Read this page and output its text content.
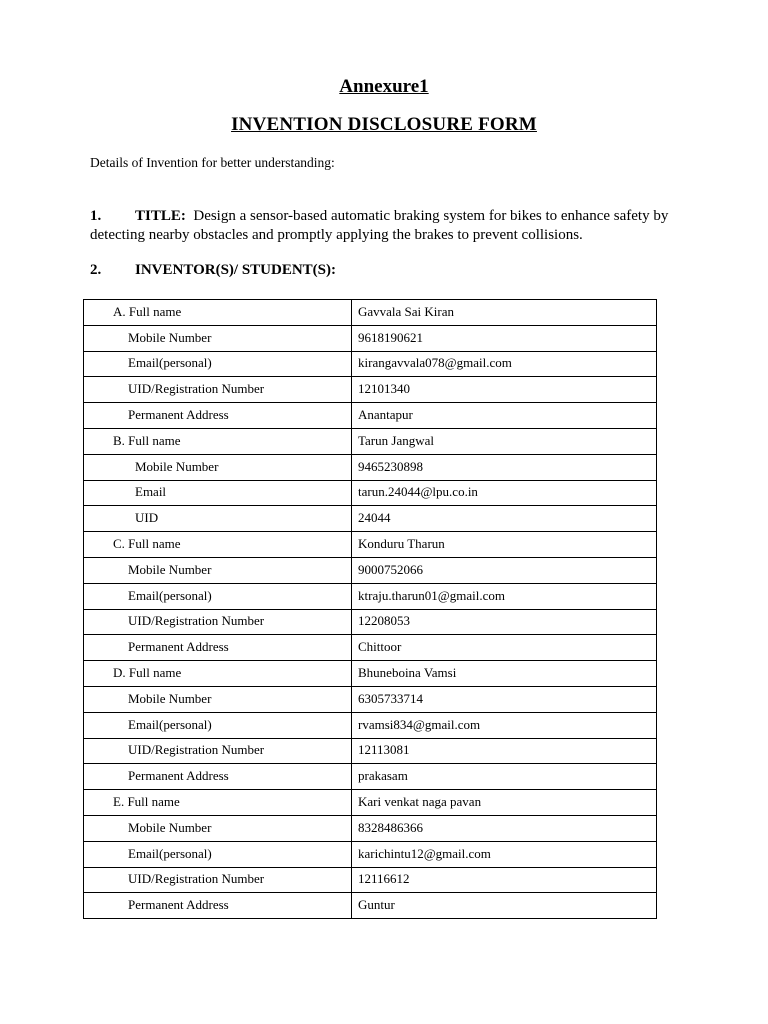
Annexure1
INVENTION DISCLOSURE FORM
Details of Invention for better understanding:
1. TITLE: Design a sensor-based automatic braking system for bikes to enhance safety by detecting nearby obstacles and promptly applying the brakes to prevent collisions.
2. INVENTOR(S)/ STUDENT(S):
A. Full name	Gavvala Sai Kiran
Mobile Number	9618190621
Email(personal)	kirangavvala078@gmail.com
UID/Registration Number	12101340
Permanent Address	Anantapur
B. Full name	Tarun Jangwal
Mobile Number	9465230898
Email	tarun.24044@lpu.co.in
UID	24044
C. Full name	Konduru Tharun
Mobile Number	9000752066
Email(personal)	ktraju.tharun01@gmail.com
UID/Registration Number	12208053
Permanent Address	Chittoor
D. Full name	Bhuneboina Vamsi
Mobile Number	6305733714
Email(personal)	rvamsi834@gmail.com
UID/Registration Number	12113081
Permanent Address	prakasam
E. Full name	Kari venkat naga pavan
Mobile Number	8328486366
Email(personal)	karichintu12@gmail.com
UID/Registration Number	12116612
Permanent Address	Guntur
